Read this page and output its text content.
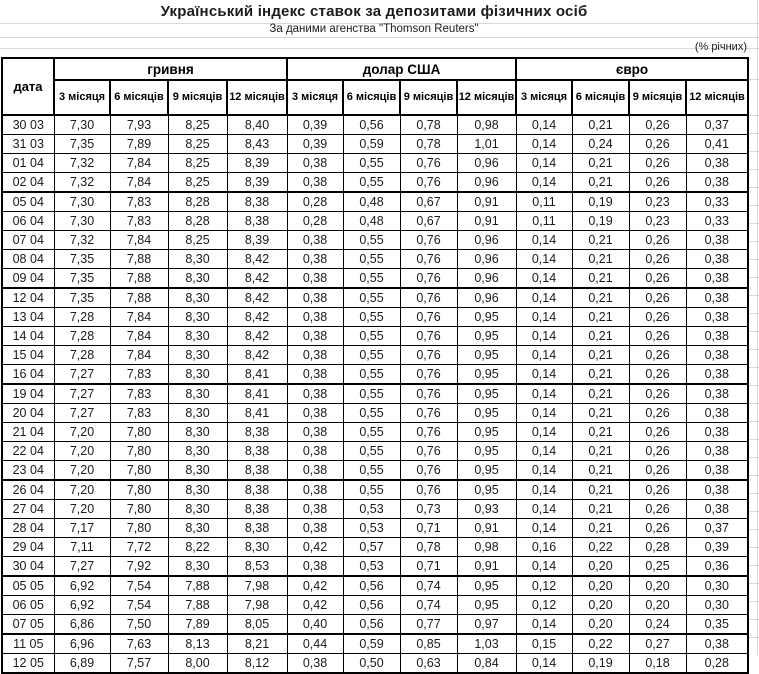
Український індекс ставок за депозитами фізичних осіб
За даними агенства "Thomson Reuters"
(% річних)
дата	гривня				долар США				євро			
	3 місяця	6 місяців	9 місяців	12 місяців	3 місяця	6 місяців	9 місяців	12 місяців	3 місяця	6 місяців	9 місяців	12 місяців
30 03	7,30	7,93	8,25	8,40	0,39	0,56	0,78	0,98	0,14	0,21	0,26	0,37
31 03	7,35	7,89	8,25	8,43	0,39	0,59	0,78	1,01	0,14	0,24	0,26	0,41
01 04	7,32	7,84	8,25	8,39	0,38	0,55	0,76	0,96	0,14	0,21	0,26	0,38
02 04	7,32	7,84	8,25	8,39	0,38	0,55	0,76	0,96	0,14	0,21	0,26	0,38
05 04	7,30	7,83	8,28	8,38	0,28	0,48	0,67	0,91	0,11	0,19	0,23	0,33
06 04	7,30	7,83	8,28	8,38	0,28	0,48	0,67	0,91	0,11	0,19	0,23	0,33
07 04	7,32	7,84	8,25	8,39	0,38	0,55	0,76	0,96	0,14	0,21	0,26	0,38
08 04	7,35	7,88	8,30	8,42	0,38	0,55	0,76	0,96	0,14	0,21	0,26	0,38
09 04	7,35	7,88	8,30	8,42	0,38	0,55	0,76	0,96	0,14	0,21	0,26	0,38
12 04	7,35	7,88	8,30	8,42	0,38	0,55	0,76	0,96	0,14	0,21	0,26	0,38
13 04	7,28	7,84	8,30	8,42	0,38	0,55	0,76	0,95	0,14	0,21	0,26	0,38
14 04	7,28	7,84	8,30	8,42	0,38	0,55	0,76	0,95	0,14	0,21	0,26	0,38
15 04	7,28	7,84	8,30	8,42	0,38	0,55	0,76	0,95	0,14	0,21	0,26	0,38
16 04	7,27	7,83	8,30	8,41	0,38	0,55	0,76	0,95	0,14	0,21	0,26	0,38
19 04	7,27	7,83	8,30	8,41	0,38	0,55	0,76	0,95	0,14	0,21	0,26	0,38
20 04	7,27	7,83	8,30	8,41	0,38	0,55	0,76	0,95	0,14	0,21	0,26	0,38
21 04	7,20	7,80	8,30	8,38	0,38	0,55	0,76	0,95	0,14	0,21	0,26	0,38
22 04	7,20	7,80	8,30	8,38	0,38	0,55	0,76	0,95	0,14	0,21	0,26	0,38
23 04	7,20	7,80	8,30	8,38	0,38	0,55	0,76	0,95	0,14	0,21	0,26	0,38
26 04	7,20	7,80	8,30	8,38	0,38	0,55	0,76	0,95	0,14	0,21	0,26	0,38
27 04	7,20	7,80	8,30	8,38	0,38	0,53	0,73	0,93	0,14	0,21	0,26	0,38
28 04	7,17	7,80	8,30	8,38	0,38	0,53	0,71	0,91	0,14	0,21	0,26	0,37
29 04	7,11	7,72	8,22	8,30	0,42	0,57	0,78	0,98	0,16	0,22	0,28	0,39
30 04	7,27	7,92	8,30	8,53	0,38	0,53	0,71	0,91	0,14	0,20	0,25	0,36
05 05	6,92	7,54	7,88	7,98	0,42	0,56	0,74	0,95	0,12	0,20	0,20	0,30
06 05	6,92	7,54	7,88	7,98	0,42	0,56	0,74	0,95	0,12	0,20	0,20	0,30
07 05	6,86	7,50	7,89	8,05	0,40	0,56	0,77	0,97	0,14	0,20	0,24	0,35
11 05	6,96	7,63	8,13	8,21	0,44	0,59	0,85	1,03	0,15	0,22	0,27	0,38
12 05	6,89	7,57	8,00	8,12	0,38	0,50	0,63	0,84	0,14	0,19	0,18	0,28
